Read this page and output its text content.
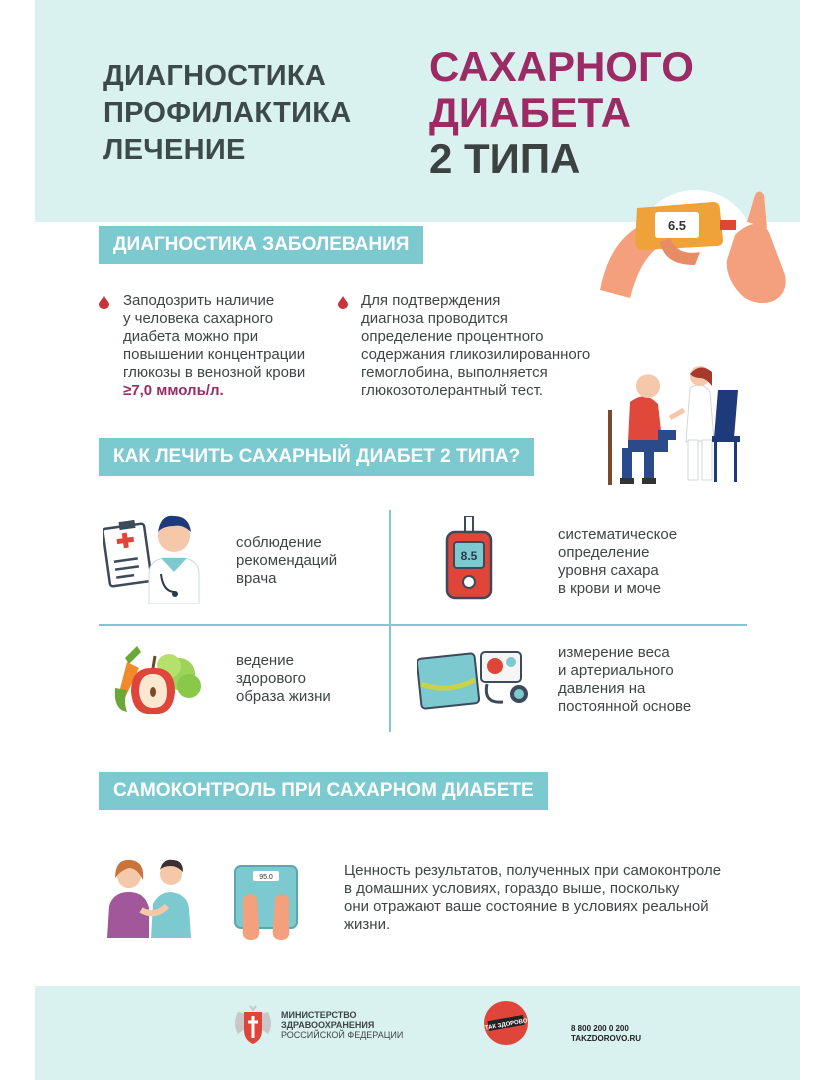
ДИАГНОСТИКА
ПРОФИЛАКТИКА
ЛЕЧЕНИЕ
САХАРНОГО
ДИАБЕТА
2 ТИПА
6.5
ДИАГНОСТИКА ЗАБОЛЕВАНИЯ
Заподозрить наличие
у человека сахарного
диабета можно при
повышении концентрации
глюкозы в венозной крови
≥7,0 ммоль/л.
Для подтверждения
диагноза проводится
определение процентного
содержания гликозилированного
гемоглобина, выполняется
глюкозотолерантный тест.
КАК ЛЕЧИТЬ САХАРНЫЙ ДИАБЕТ 2 ТИПА?
соблюдение
рекомендаций
врача
8.5
систематическое
определение
уровня сахара
в крови и моче
ведение
здорового
образа жизни
измерение веса
и артериального
давления на
постоянной основе
САМОКОНТРОЛЬ ПРИ САХАРНОМ ДИАБЕТЕ
95.0	Ценность результатов, полученных при самоконтроле
в домашних условиях, гораздо выше, поскольку
они отражают ваше состояние в условиях реальной
жизни.
МИНИСТЕРСТВО
ЗДРАВООХРАНЕНИЯ
РОССИЙСКОЙ ФЕДЕРАЦИИ
ТАК ЗДОРОВО	8 800 200 0 200
TAKZDOROVO.RU
